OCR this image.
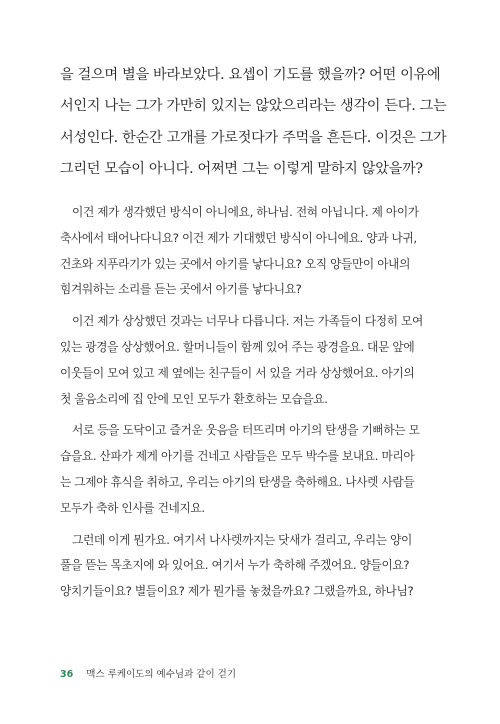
을 걸으며 별을 바라보았다. 요셉이 기도를 했을까? 어떤 이유에
서인지 나는 그가 가만히 있지는 않았으리라는 생각이 든다. 그는
서성인다. 한순간 고개를 가로젓다가 주먹을 흔든다. 이것은 그가
그리던 모습이 아니다. 어쩌면 그는 이렇게 말하지 않았을까?
이건 제가 생각했던 방식이 아니에요, 하나님. 전혀 아닙니다. 제 아이가
축사에서 태어나다니요? 이건 제가 기대했던 방식이 아니에요. 양과 나귀,
건초와 지푸라기가 있는 곳에서 아기를 낳다니요? 오직 양들만이 아내의
힘겨워하는 소리를 듣는 곳에서 아기를 낳다니요?
이건 제가 상상했던 것과는 너무나 다릅니다. 저는 가족들이 다정히 모여
있는 광경을 상상했어요. 할머니들이 함께 있어 주는 광경을요. 대문 앞에
이웃들이 모여 있고 제 옆에는 친구들이 서 있을 거라 상상했어요. 아기의
첫 울음소리에 집 안에 모인 모두가 환호하는 모습을요.
서로 등을 도닥이고 즐거운 웃음을 터뜨리며 아기의 탄생을 기뻐하는 모
습을요. 산파가 제게 아기를 건네고 사람들은 모두 박수를 보내요. 마리아
는 그제야 휴식을 취하고, 우리는 아기의 탄생을 축하해요. 나사렛 사람들
모두가 축하 인사를 건네지요.
그런데 이게 뭔가요. 여기서 나사렛까지는 닷새가 걸리고, 우리는 양이
풀을 뜯는 목초지에 와 있어요. 여기서 누가 축하해 주겠어요. 양들이요?
양치기들이요? 별들이요? 제가 뭔가를 놓쳤을까요? 그랬을까요, 하나님?
36 맥스 루케이도의 예수님과 같이 걷기
